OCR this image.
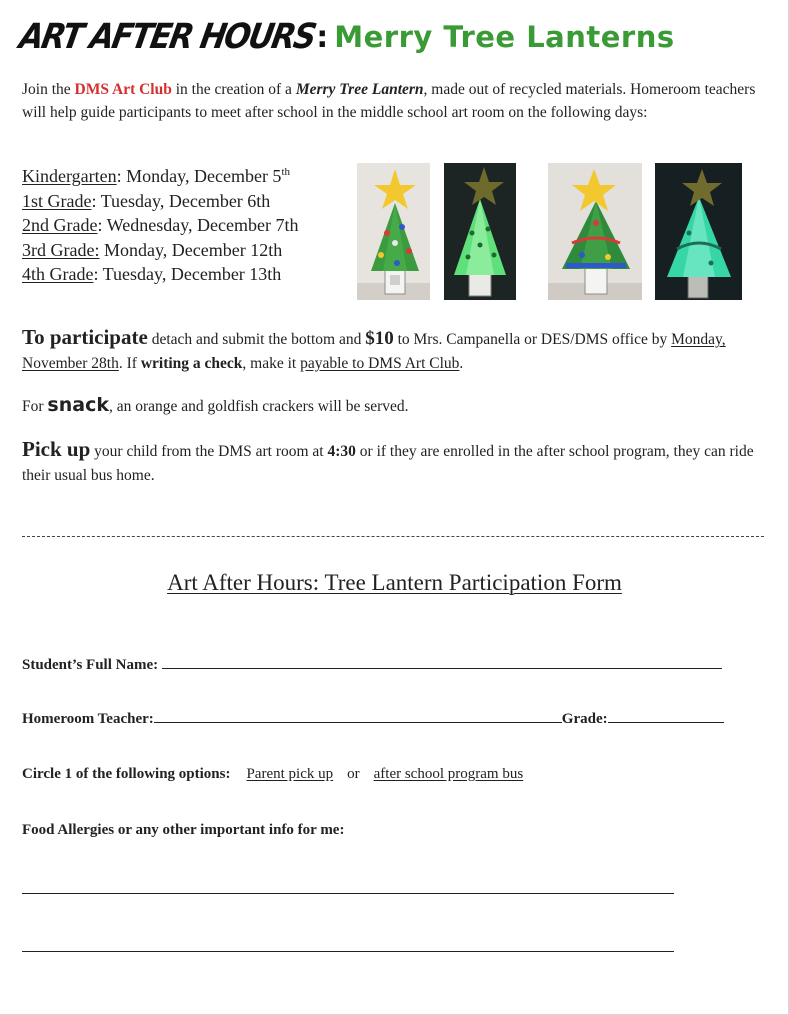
ART AFTER HOURS
: Merry Tree Lanterns
Join the DMS Art Club in the creation of a Merry Tree Lantern, made out of recycled materials. Homeroom teachers will help guide participants to meet after school in the middle school art room on the following days:
Kindergarten: Monday, December 5th
1st Grade: Tuesday, December 6th
2nd Grade: Wednesday, December 7th
3rd Grade: Monday, December 12th
4th Grade: Tuesday, December 13th
To participate detach and submit the bottom and $10 to Mrs. Campanella or DES/DMS office by Monday, November 28th. If writing a check, make it payable to DMS Art Club.
For snack, an orange and goldfish crackers will be served.
Pick up your child from the DMS art room at 4:30 or if they are enrolled in the after school program, they can ride their usual bus home.
Art After Hours: Tree Lantern Participation Form
Student’s Full Name:
Homeroom Teacher:	Grade:
Circle 1 of the following options: Parent pick up or after school program bus
Food Allergies or any other important info for me:
